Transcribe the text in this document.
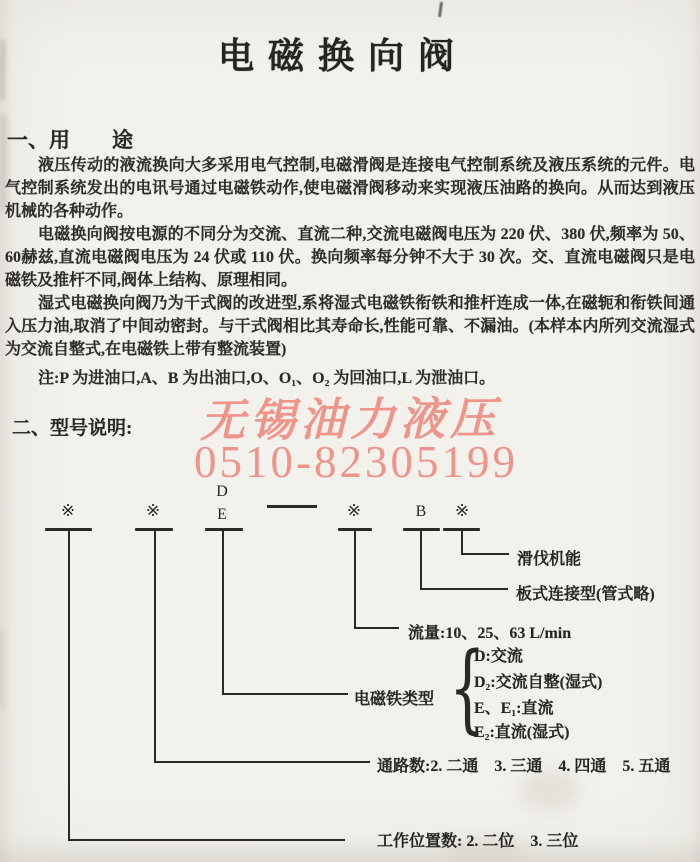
电磁换向阀
一、用　　途

液压传动的液流换向大多采用电气控制,电磁滑阀是连接电气控制系统及液压系统的元件。电气控制系统发出的电讯号通过电磁铁动作,使电磁滑阀移动来实现液压油路的换向。从而达到液压机械的各种动作。

电磁换向阀按电源的不同分为交流、直流二种,交流电磁阀电压为 220 伏、380 伏,频率为 50、60赫兹,直流电磁阀电压为 24 伏或 110 伏。换向频率每分钟不大于 30 次。交、直流电磁阀只是电磁铁及推杆不同,阀体上结构、原理相同。

湿式电磁换向阀乃为干式阀的改进型,系将湿式电磁铁衔铁和推杆连成一体,在磁轭和衔铁间通入压力油,取消了中间动密封。与干式阀相比其寿命长,性能可靠、不漏油。(本样本内所列交流湿式为交流自整式,在电磁铁上带有整流装置)

注:P 为进油口,A、B 为出油口,O、O₁、O₂ 为回油口,L 为泄油口。

无锡油力液压
0510-82305199
二、型号说明:
※	※
D
E	※	B ※
滑伐机能
板式连接型(管式略)
流量:10、25、63 L/min
电磁铁类型 {
D:交流
D₂:交流自整(湿式)
E、E₁:直流
E₂:直流(湿式)
通路数:2. 二通　3. 三通　4. 四通　5. 五通
工作位置数: 2. 二位　3. 三位
